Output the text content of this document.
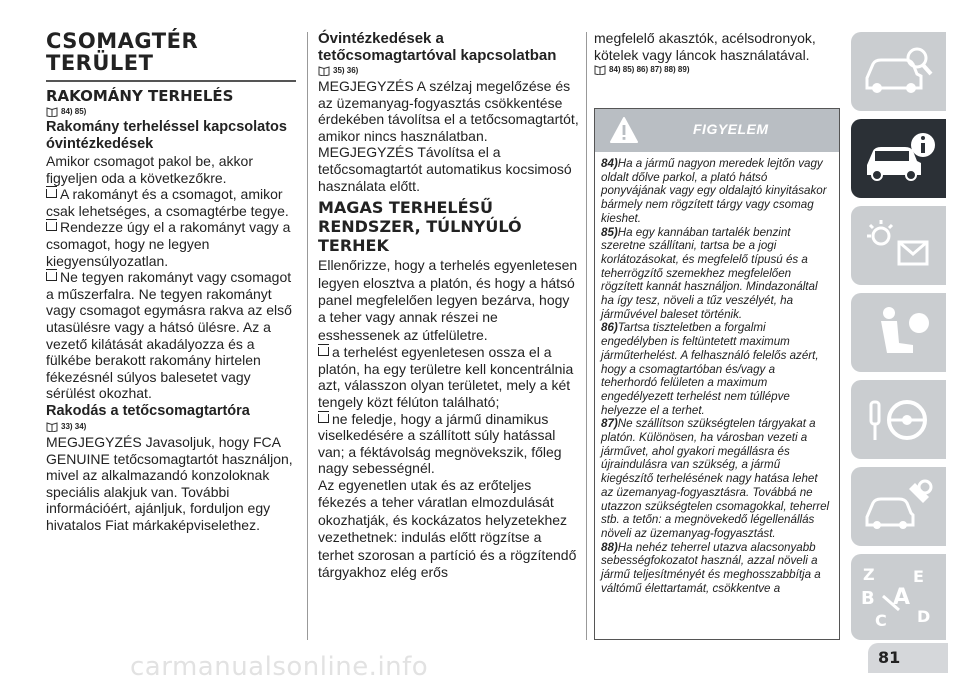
CSOMAGTÉR
TERÜLET
RAKOMÁNY TERHELÉS
84) 85)
Rakomány terheléssel kapcsolatos óvintézkedések

Amikor csomagot pakol be, akkor figyeljen oda a következőkre.

A rakományt és a csomagot, amikor csak lehetséges, a csomagtérbe tegye.

Rendezze úgy el a rakományt vagy a csomagot, hogy ne legyen kiegyensúlyozatlan.

Ne tegyen rakományt vagy csomagot a műszerfalra. Ne tegyen rakományt vagy csomagot egymásra rakva az első utasülésre vagy a hátsó ülésre. Az a vezető kilátását akadályozza és a fülkébe berakott rakomány hirtelen fékezésnél súlyos balesetet vagy sérülést okozhat.

Rakodás a tetőcsomagtartóra
33) 34)

MEGJEGYZÉS Javasoljuk, hogy FCA GENUINE tetőcsomagtartót használjon, mivel az alkalmazandó konzoloknak speciális alakjuk van. További információért, ajánljuk, forduljon egy hivatalos Fiat márkaképviselethez.

Óvintézkedések a tetőcsomagtartóval kapcsolatban
35) 36)

MEGJEGYZÉS A szélzaj megelőzése és az üzemanyag-fogyasztás csökkentése érdekében távolítsa el a tetőcsomagtartót, amikor nincs használatban.

MEGJEGYZÉS Távolítsa el a tetőcsomagtartót automatikus kocsimosó használata előtt.

MAGAS TERHELÉSŰ RENDSZER, TÚLNYÚLÓ TERHEK

Ellenőrizze, hogy a terhelés egyenletesen legyen elosztva a platón, és hogy a hátsó panel megfelelően legyen bezárva, hogy a teher vagy annak részei ne esshessenek az útfelületre.

a terhelést egyenletesen ossza el a platón, ha egy területre kell koncentrálnia azt, válasszon olyan területet, mely a két tengely közt félúton található;

ne feledje, hogy a jármű dinamikus viselkedésére a szállított súly hatással van; a féktávolság megnövekszik, főleg nagy sebességnél.

Az egyenetlen utak és az erőteljes fékezés a teher váratlan elmozdulását okozhatják, és kockázatos helyzetekhez vezethetnek: indulás előtt rögzítse a terhet szorosan a partíció és a rögzítendő tárgyakhoz elég erős

megfelelő akasztók, acélsodronyok, kötelek vagy láncok használatával.

84) 85) 86) 87) 88) 89)
FIGYELEM

84)Ha a jármű nagyon meredek lejtőn vagy oldalt dőlve parkol, a plató hátsó ponyvájának vagy egy oldalajtó kinyitásakor bármely nem rögzített tárgy vagy csomag kieshet.

85)Ha egy kannában tartalék benzint szeretne szállítani, tartsa be a jogi korlátozásokat, és megfelelő típusú és a teherrögzítő szemekhez megfelelően rögzített kannát használjon. Mindazonáltal ha így tesz, növeli a tűz veszélyét, ha járművével baleset történik.

86)Tartsa tiszteletben a forgalmi engedélyben is feltüntetett maximum járműterhelést. A felhasználó felelős azért, hogy a csomagtartóban és/vagy a teherhordó felületen a maximum engedélyezett terhelést nem túllépve helyezze el a terhet.

87)Ne szállítson szükségtelen tárgyakat a platón. Különösen, ha városban vezeti a járművet, ahol gyakori megállásra és újraindulásra van szükség, a jármű kiegészítő terhelésének nagy hatása lehet az üzemanyag-fogyasztásra. Továbbá ne utazzon szükségtelen csomagokkal, teherrel stb. a tetőn: a megnövekedő légellenállás növeli az üzemanyag-fogyasztást.

88)Ha nehéz teherrel utazva alacsonyabb sebességfokozatot használ, azzal növeli a jármű teljesítményét és meghosszabbítja a váltómű élettartamát, csökkentve a

Z E
B
C D
A
81
carmanualsonline.info
